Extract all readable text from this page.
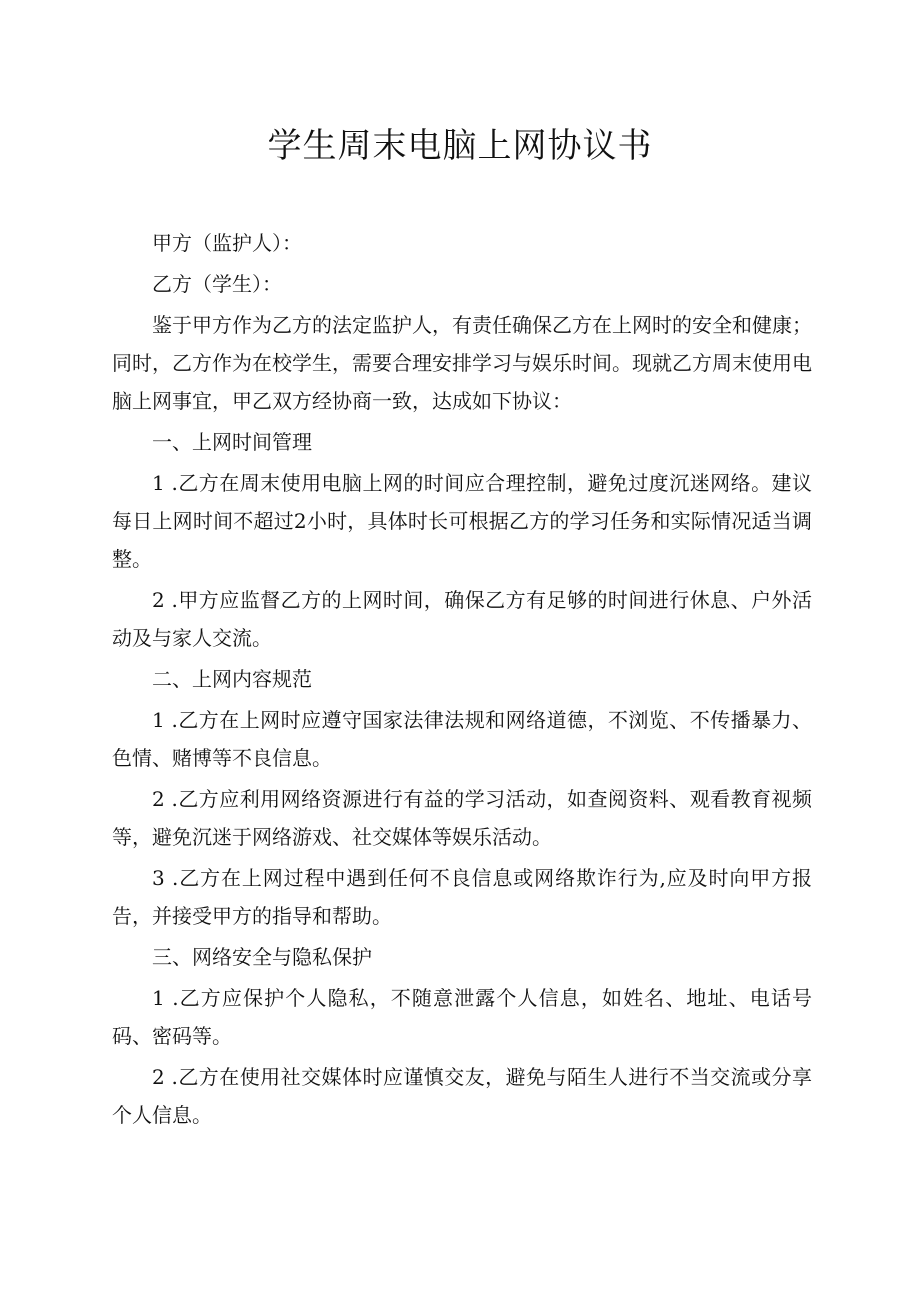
学生周末电脑上网协议书

甲方（监护人）：

乙方（学生）：

鉴于甲方作为乙方的法定监护人，有责任确保乙方在上网时的安全和健康；同时，乙方作为在校学生，需要合理安排学习与娱乐时间。现就乙方周末使用电脑上网事宜，甲乙双方经协商一致，达成如下协议：

一、上网时间管理

1 .乙方在周末使用电脑上网的时间应合理控制，避免过度沉迷网络。建议每日上网时间不超过2小时，具体时长可根据乙方的学习任务和实际情况适当调整。

2 .甲方应监督乙方的上网时间，确保乙方有足够的时间进行休息、户外活动及与家人交流。

二、上网内容规范

1 .乙方在上网时应遵守国家法律法规和网络道德，不浏览、不传播暴力、色情、赌博等不良信息。

2 .乙方应利用网络资源进行有益的学习活动，如查阅资料、观看教育视频等，避免沉迷于网络游戏、社交媒体等娱乐活动。

3 .乙方在上网过程中遇到任何不良信息或网络欺诈行为,应及时向甲方报告，并接受甲方的指导和帮助。

三、网络安全与隐私保护

1 .乙方应保护个人隐私，不随意泄露个人信息，如姓名、地址、电话号码、密码等。

2 .乙方在使用社交媒体时应谨慎交友，避免与陌生人进行不当交流或分享个人信息。
